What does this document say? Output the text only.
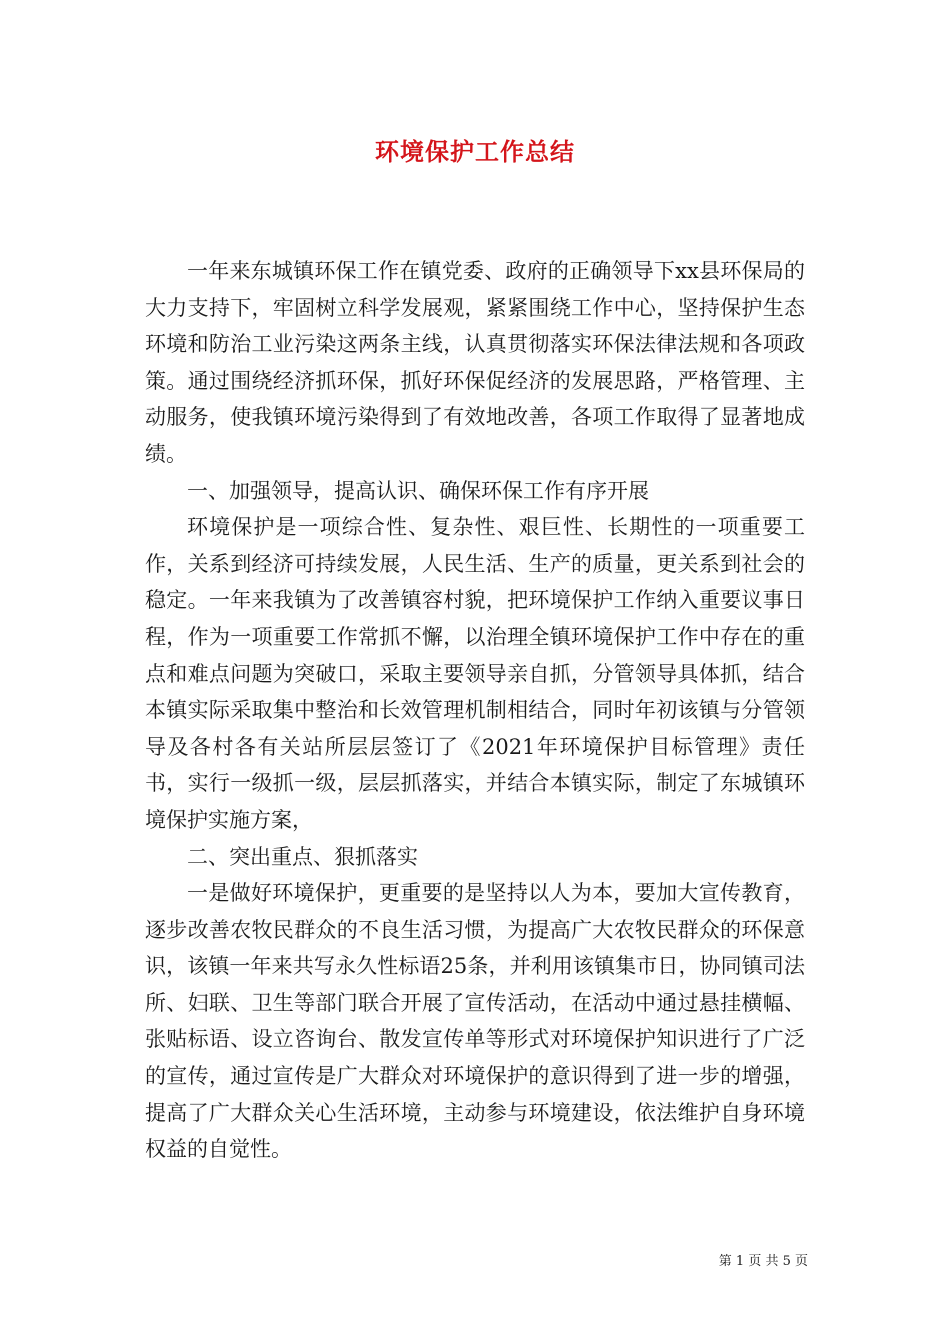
环境保护工作总结

一年来东城镇环保工作在镇党委、政府的正确领导下xx县环保局的大力支持下，牢固树立科学发展观，紧紧围绕工作中心，坚持保护生态环境和防治工业污染这两条主线，认真贯彻落实环保法律法规和各项政策。通过围绕经济抓环保，抓好环保促经济的发展思路，严格管理、主动服务，使我镇环境污染得到了有效地改善，各项工作取得了显著地成绩。

一、加强领导，提高认识、确保环保工作有序开展

环境保护是一项综合性、复杂性、艰巨性、长期性的一项重要工作，关系到经济可持续发展，人民生活、生产的质量，更关系到社会的稳定。一年来我镇为了改善镇容村貌，把环境保护工作纳入重要议事日程，作为一项重要工作常抓不懈，以治理全镇环境保护工作中存在的重点和难点问题为突破口，采取主要领导亲自抓，分管领导具体抓，结合本镇实际采取集中整治和长效管理机制相结合，同时年初该镇与分管领导及各村各有关站所层层签订了《2021年环境保护目标管理》责任书，实行一级抓一级，层层抓落实，并结合本镇实际，制定了东城镇环境保护实施方案，

二、突出重点、狠抓落实

一是做好环境保护，更重要的是坚持以人为本，要加大宣传教育，逐步改善农牧民群众的不良生活习惯，为提高广大农牧民群众的环保意识，该镇一年来共写永久性标语25条，并利用该镇集市日，协同镇司法所、妇联、卫生等部门联合开展了宣传活动，在活动中通过悬挂横幅、张贴标语、设立咨询台、散发宣传单等形式对环境保护知识进行了广泛的宣传，通过宣传是广大群众对环境保护的意识得到了进一步的增强，提高了广大群众关心生活环境，主动参与环境建设，依法维护自身环境权益的自觉性。

第 1 页 共 5 页
